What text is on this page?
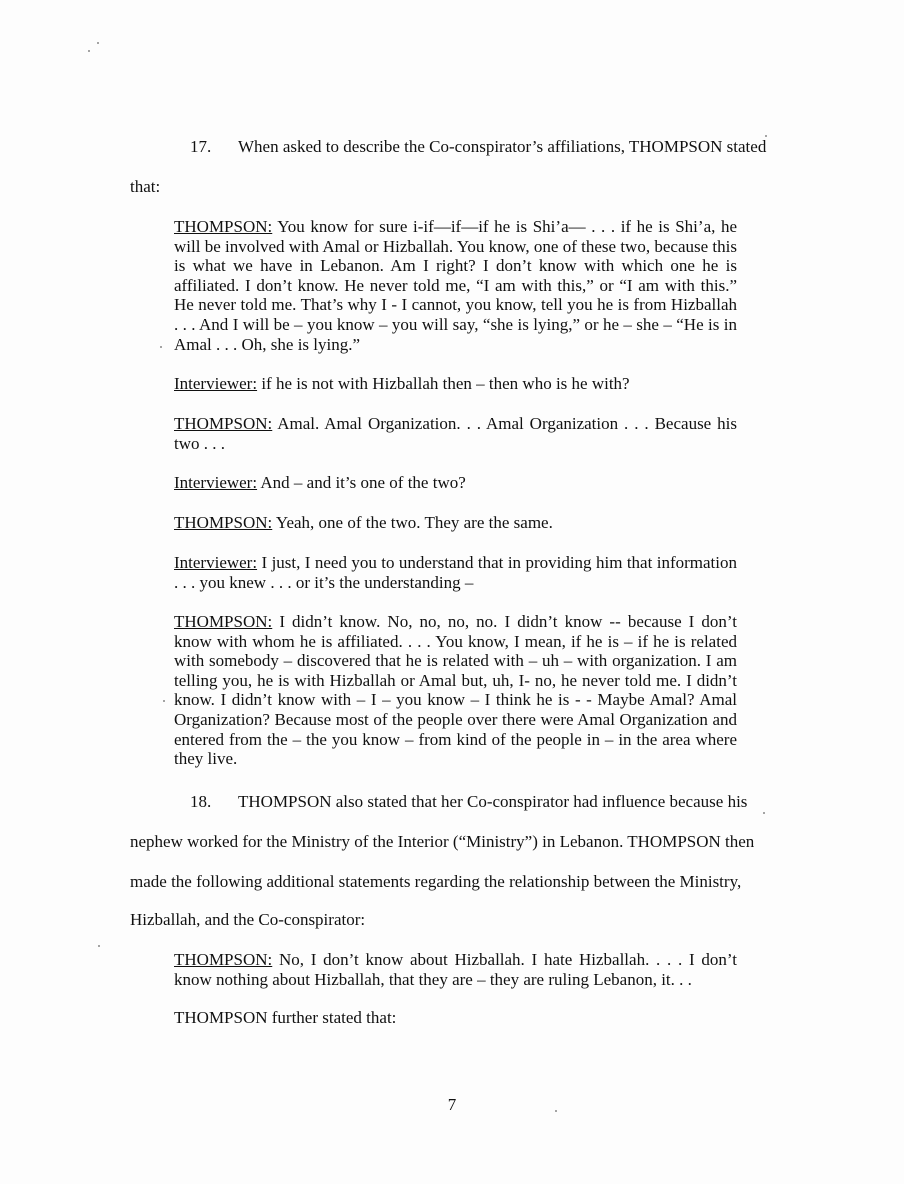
17. When asked to describe the Co-conspirator’s affiliations, THOMPSON stated
that:
THOMPSON: You know for sure i-if—if—if he is Shi’a— . . . if he is Shi’a, he will be involved with Amal or Hizballah. You know, one of these two, because this is what we have in Lebanon. Am I right? I don’t know with which one he is affiliated. I don’t know. He never told me, “I am with this,” or “I am with this.” He never told me. That’s why I - I cannot, you know, tell you he is from Hizballah . . . And I will be – you know – you will say, “she is lying,” or he – she – “He is in Amal . . . Oh, she is lying.”
Interviewer: if he is not with Hizballah then – then who is he with?
THOMPSON: Amal. Amal Organization. . . Amal Organization . . . Because his two . . .
Interviewer: And – and it’s one of the two?
THOMPSON: Yeah, one of the two. They are the same.
Interviewer: I just, I need you to understand that in providing him that information . . . you knew . . . or it’s the understanding –
THOMPSON: I didn’t know. No, no, no, no. I didn’t know -- because I don’t know with whom he is affiliated. . . . You know, I mean, if he is – if he is related with somebody – discovered that he is related with – uh – with organization. I am telling you, he is with Hizballah or Amal but, uh, I- no, he never told me. I didn’t know. I didn’t know with – I – you know – I think he is - - Maybe Amal? Amal Organization? Because most of the people over there were Amal Organization and entered from the – the you know – from kind of the people in – in the area where they live.
18. THOMPSON also stated that her Co-conspirator had influence because his
nephew worked for the Ministry of the Interior (“Ministry”) in Lebanon. THOMPSON then
made the following additional statements regarding the relationship between the Ministry,
Hizballah, and the Co-conspirator:
THOMPSON: No, I don’t know about Hizballah. I hate Hizballah. . . . I don’t know nothing about Hizballah, that they are – they are ruling Lebanon, it. . .
THOMPSON further stated that:
7
